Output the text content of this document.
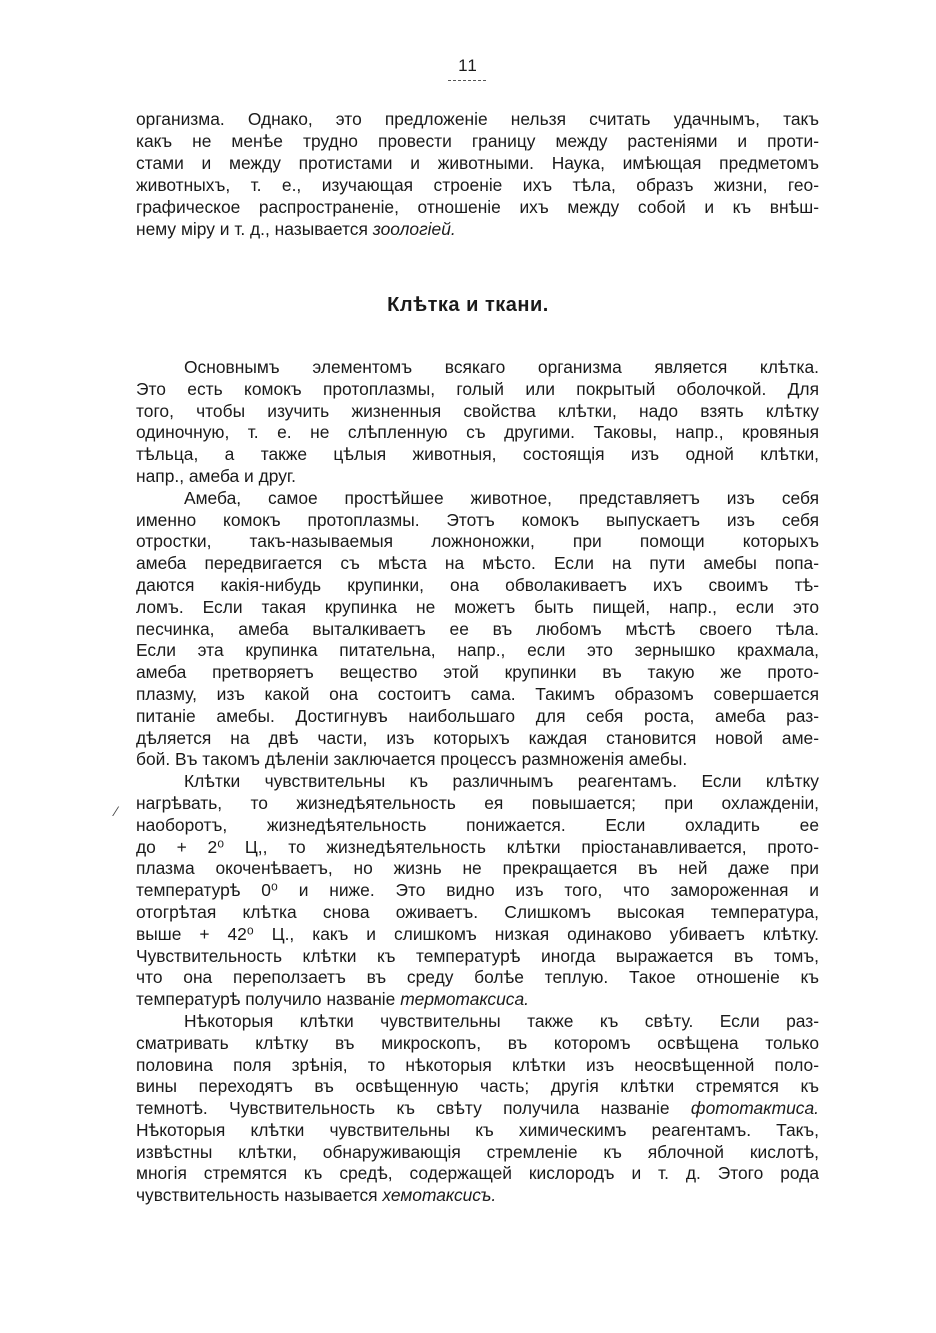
11
организма. Однако, это предложеніе нельзя считать удачнымъ, такъ
какъ не менѣе трудно провести границу между растеніями и проти-
стами и между протистами и животными. Наука, имѣющая предметомъ
животныхъ, т. е., изучающая строеніе ихъ тѣла, образъ жизни, гео-
графическое распространеніе, отношеніе ихъ между собой и къ внѣш-
нему міру и т. д., называется зоологіей.
Клѣтка и ткани.
⁄
Основнымъ элементомъ всякаго организма является клѣтка.
Это есть комокъ протоплазмы, голый или покрытый оболочкой. Для
того, чтобы изучить жизненныя свойства клѣтки, надо взять клѣтку
одиночную, т. е. не слѣпленную съ другими. Таковы, напр., кровяныя
тѣльца, а также цѣлыя животныя, состоящія изъ одной клѣтки,
напр., амеба и друг.
Амеба, самое простѣйшее животное, представляетъ изъ себя
именно комокъ протоплазмы. Этотъ комокъ выпускаетъ изъ себя
отростки, такъ-называемыя ложноножки, при помощи которыхъ
амеба передвигается съ мѣста на мѣсто. Если на пути амебы попа-
даются какія-нибудь крупинки, она обволакиваетъ ихъ своимъ тѣ-
ломъ. Если такая крупинка не можетъ быть пищей, напр., если это
песчинка, амеба выталкиваетъ ее въ любомъ мѣстѣ своего тѣла.
Если эта крупинка питательна, напр., если это зернышко крахмала,
амеба претворяетъ вещество этой крупинки въ такую же прото-
плазму, изъ какой она состоитъ сама. Такимъ образомъ совершается
питаніе амебы. Достигнувъ наибольшаго для себя роста, амеба раз-
дѣляется на двѣ части, изъ которыхъ каждая становится новой аме-
бой. Въ такомъ дѣленіи заключается процессъ размноженія амебы.
Клѣтки чувствительны къ различнымъ реагентамъ. Если клѣтку
нагрѣвать, то жизнедѣятельность ея повышается; при охлажденіи,
наоборотъ, жизнедѣятельность понижается. Если охладить ее
до + 2⁰ Ц,, то жизнедѣятельность клѣтки пріостанавливается, прото-
плазма окоченѣваетъ, но жизнь не прекращается въ ней даже при
температурѣ 0⁰ и ниже. Это видно изъ того, что замороженная и
отогрѣтая клѣтка снова оживаетъ. Слишкомъ высокая температура,
выше + 42⁰ Ц., какъ и слишкомъ низкая одинаково убиваетъ клѣтку.
Чувствительность клѣтки къ температурѣ иногда выражается въ томъ,
что она переползаетъ въ среду болѣе теплую. Такое отношеніе къ
температурѣ получило названіе термотаксиса.
Нѣкоторыя клѣтки чувствительны также къ свѣту. Если раз-
сматривать клѣтку въ микроскопъ, въ которомъ освѣщена только
половина поля зрѣнія, то нѣкоторыя клѣтки изъ неосвѣщенной поло-
вины переходятъ въ освѣщенную часть; другія клѣтки стремятся къ
темнотѣ. Чувствительность къ свѣту получила названіе фототактиса.
Нѣкоторыя клѣтки чувствительны къ химическимъ реагентамъ. Такъ,
извѣстны клѣтки, обнаруживающія стремленіе къ яблочной кислотѣ,
многія стремятся къ средѣ, содержащей кислородъ и т. д. Этого рода
чувствительность называется хемотаксисъ.
